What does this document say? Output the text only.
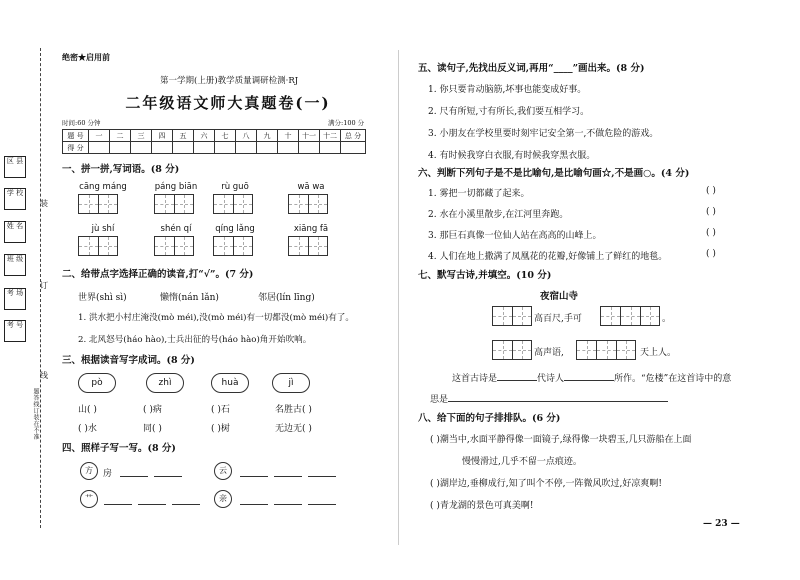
区 县
学 校
姓 名
班 级
考 场
考 号
装
订
线
题答线订装在不准
绝密★启用前
第一学期(上册)教学质量调研检测·RJ
二年级语文师大真题卷(一)
时间:60 分钟	满分:100 分
题 号	一	二	三	四	五	六	七	八	九	十	十一	十二	总 分
得 分													
一、拼一拼,写词语。(8 分)
cāng máng	páng biān	rù guō	wā wa
jù shí	shén qí	qíng lǎng	xiāng fā
二、给带点字选择正确的读音,打“√”。(7 分)
世界(shì sì)	懒惰(nán lǎn)	邻居(lín līng)
1. 洪水把小村庄淹没(mò méi),没(mò méi)有一切都没(mò méi)有了。
2. 北风怒号(háo hào),士兵出征的号(háo hào)角开始吹响。
三、根据读音写字成词。(8 分)
pò	zhì	huà	jì
山( )	( )病	( )石	名胜古( )
( )水	同( )	( )树	无边无( )
四、照样子写一写。(8 分)
方	房	云
艹	亲
五、读句子,先找出反义词,再用“____”画出来。(8 分)
1. 你只要肯动脑筋,坏事也能变成好事。
2. 尺有所短,寸有所长,我们要互相学习。
3. 小朋友在学校里要时刻牢记安全第一,不做危险的游戏。
4. 有时候我穿白衣服,有时候我穿黑衣服。
六、判断下列句子是不是比喻句,是比喻句画☆,不是画○。(4 分)
1. 雾把一切都藏了起来。	( )
2. 水在小溪里散步,在江河里奔跑。	( )
3. 那巨石真像一位仙人站在高高的山峰上。	( )
4. 人们在地上撒满了凤凰花的花瓣,好像铺上了鲜红的地毯。	( )
七、默写古诗,并填空。(10 分)
夜宿山寺
高百尺,手可	。
高声语,	天上人。
这首古诗是	代诗人	所作。“危楼”在这首诗中的意
思是
八、给下面的句子排排队。(6 分)
( )潮当中,水面平静得像一面镜子,绿得像一块碧玉,几只游船在上面
慢慢滑过,几乎不留一点痕迹。
( )湖岸边,垂柳成行,知了叫个不停,一阵微风吹过,好凉爽啊!
( )青龙湖的景色可真美啊!
— 23 —
